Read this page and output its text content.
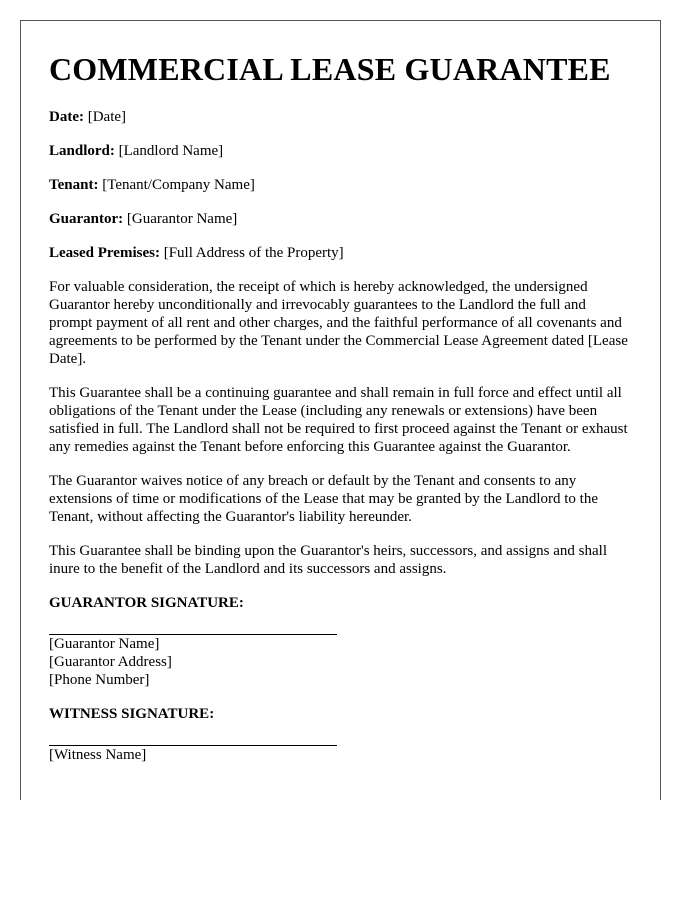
COMMERCIAL LEASE GUARANTEE
Date: [Date]
Landlord: [Landlord Name]
Tenant: [Tenant/Company Name]
Guarantor: [Guarantor Name]
Leased Premises: [Full Address of the Property]

For valuable consideration, the receipt of which is hereby acknowledged, the undersigned Guarantor hereby unconditionally and irrevocably guarantees to the Landlord the full and prompt payment of all rent and other charges, and the faithful performance of all covenants and agreements to be performed by the Tenant under the Commercial Lease Agreement dated [Lease Date].

This Guarantee shall be a continuing guarantee and shall remain in full force and effect until all obligations of the Tenant under the Lease (including any renewals or extensions) have been satisfied in full. The Landlord shall not be required to first proceed against the Tenant or exhaust any remedies against the Tenant before enforcing this Guarantee against the Guarantor.

The Guarantor waives notice of any breach or default by the Tenant and consents to any extensions of time or modifications of the Lease that may be granted by the Landlord to the Tenant, without affecting the Guarantor's liability hereunder.

This Guarantee shall be binding upon the Guarantor's heirs, successors, and assigns and shall inure to the benefit of the Landlord and its successors and assigns.

GUARANTOR SIGNATURE:
[Guarantor Name]
[Guarantor Address]
[Phone Number]
WITNESS SIGNATURE:
[Witness Name]
